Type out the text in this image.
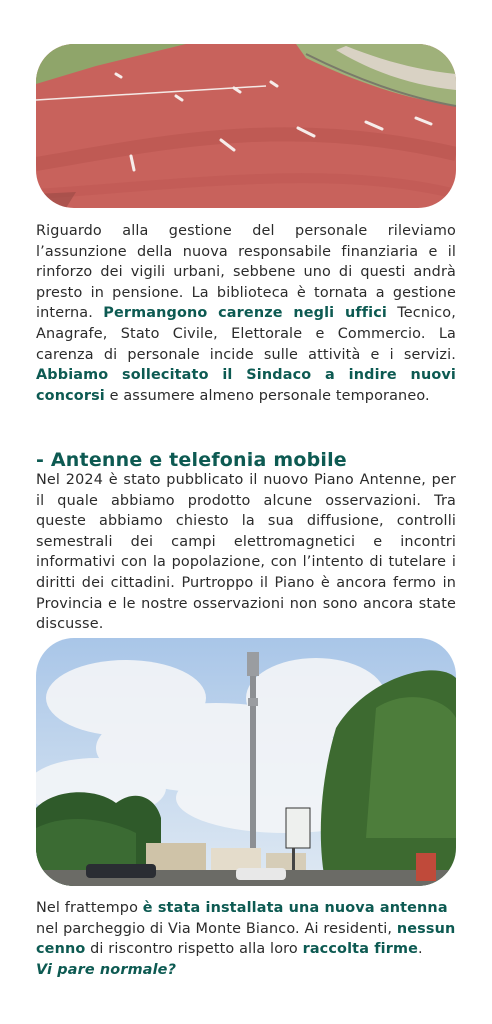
Riguardo alla gestione del personale rileviamo l’assunzione della nuova responsabile finanziaria e il rinforzo dei vigili urbani, sebbene uno di questi andrà presto in pensione. La biblioteca è tornata a gestione interna. Permangono carenze negli uffici Tecnico, Anagrafe, Stato Civile, Elettorale e Commercio. La carenza di personale incide sulle attività e i servizi. Abbiamo sollecitato il Sindaco a indire nuovi concorsi e assumere almeno personale temporaneo.

- Antenne e telefonia mobile

Nel 2024 è stato pubblicato il nuovo Piano Antenne, per il quale abbiamo prodotto alcune osservazioni. Tra queste abbiamo chiesto la sua diffusione, controlli semestrali dei campi elettromagnetici e incontri informativi con la popolazione, con l’intento di tutelare i diritti dei cittadini. Purtroppo il Piano è ancora fermo in Provincia e le nostre osservazioni non sono ancora state discusse.

Nel frattempo è stata installata una nuova antenna nel parcheggio di Via Monte Bianco. Ai residenti, nessun cenno di riscontro rispetto alla loro raccolta firme.
Vi pare normale?
